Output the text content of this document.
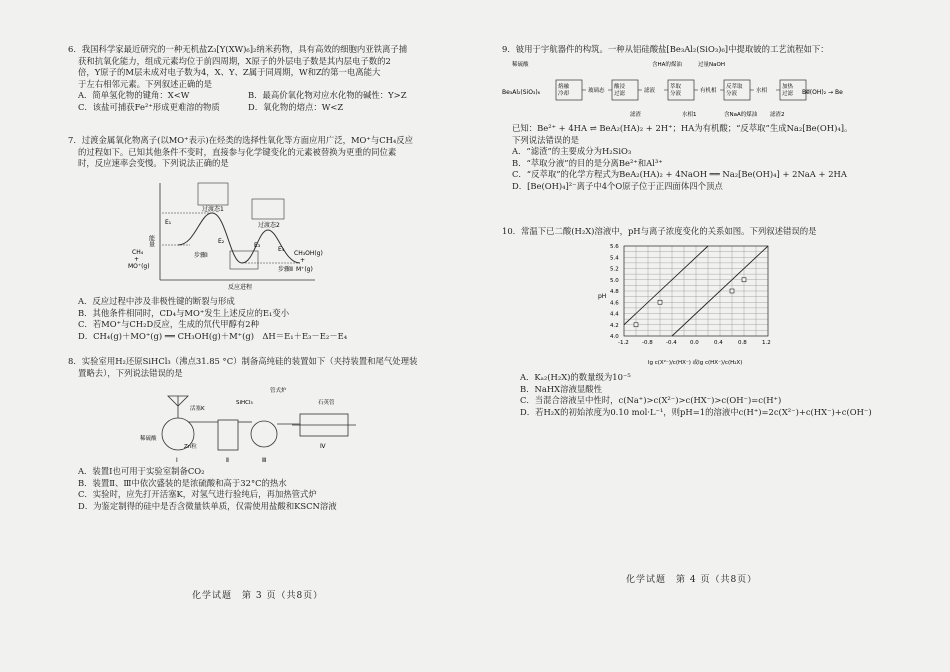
6．我国科学家最近研究的一种无机盐Z₃[Y(XW)₆]₂纳米药物，具有高效的细胞内亚铁离子捕

获和抗氧化能力，组成元素均位于前四周期，X原子的外层电子数是其内层电子数的2

倍，Y原子的M层未成对电子数为4，X、Y、Z属于同周期，W和Z的第一电离能大

于左右相邻元素。下列叙述正确的是

A．简单氢化物的键角：X<W	B．最高价氧化物对应水化物的碱性：Y>Z
C．该盐可捕获Fe²⁺形成更难溶的物质	D．氧化物的熔点：W<Z

7．过渡金属氧化物离子(以MO⁺表示)在烃类的选择性氧化等方面应用广泛，MO⁺与CH₄反应

的过程如下。已知其他条件不变时，直接参与化学键变化的元素被替换为更重的同位素

时，反应速率会变慢。下列说法正确的是

能量
反应进程
E₁
E₂
E₃
E₄
过渡态1
过渡态2
步骤Ⅰ
步骤Ⅱ
CH₄
+
MO⁺(g)
CH₃OH(g)
+
M⁺(g)

A．反应过程中涉及非极性键的断裂与形成

B．其他条件相同时，CD₄与MO⁺发生上述反应的E₁变小

C．若MO⁺与CH₂D反应，生成的氘代甲醇有2种

D．CH₄(g)＋MO⁺(g) ══ CH₃OH(g)＋M⁺(g)　ΔH＝E₁＋E₃－E₂－E₄

8．实验室用H₂还原SiHCl₃（沸点31.85 °C）制备高纯硅的装置如下（夹持装置和尾气处理装

置略去），下列说法错误的是

活塞K
SiHCl₃
管式炉
石英管
稀硫酸
Zn粒
Ⅰ	Ⅱ	Ⅲ
Ⅳ

A．装置Ⅰ也可用于实验室制备CO₂

B．装置Ⅱ、Ⅲ中依次盛装的是浓硫酸和高于32°C的热水

C．实验时，应先打开活塞K，对氢气进行验纯后，再加热管式炉

D．为鉴定制得的硅中是否含微量铁单质，仅需使用盐酸和KSCN溶液

化学试题　第 3 页（共8页）

9．铍用于宇航器件的构筑。一种从铝硅酸盐[Be₃Al₂(SiO₃)₆]中提取铍的工艺流程如下：

稀硫酸	含HA的煤油	过量NaOH
Be₃Al₂(SiO₃)₆
熔融
冷却	玻璃态
酸浸
过滤	滤液
萃取
分液	有机相
反萃取
分液	水相
加热
过滤 Be(OH)₂ → Be
滤渣	水相1	含NaA的煤油 滤渣2

已知：Be²⁺ + 4HA ⇌ BeA₂(HA)₂ + 2H⁺；HA为有机酸；“反萃取”生成Na₂[Be(OH)₄]。

下列说法错误的是

A．“滤渣”的主要成分为H₂SiO₃

B．“萃取分液”的目的是分离Be²⁺和Al³⁺

C．“反萃取”的化学方程式为BeA₂(HA)₂ + 4NaOH ══ Na₂[Be(OH)₄] + 2NaA + 2HA

D．[Be(OH)₄]²⁻离子中4个O原子位于正四面体四个顶点

10．常温下已二酸(H₂X)溶液中，pH与离子浓度变化的关系如图。下列叙述错误的是

-1.2 -0.8 -0.4 0.0	0.4	0.8	1.2
4.0
4.2
4.4
4.6
4.8
5.0
5.2
5.4
5.6
pH
lg c(X²⁻)/c(HX⁻) 或lg c(HX⁻)/c(H₂X)

A．Kₐ₂(H₂X)的数量级为10⁻⁵

B．NaHX溶液显酸性

C．当混合溶液呈中性时，c(Na⁺)>c(X²⁻)>c(HX⁻)>c(OH⁻)=c(H⁺)

D．若H₂X的初始浓度为0.10 mol·L⁻¹，则pH=1的溶液中c(H⁺)=2c(X²⁻)+c(HX⁻)+c(OH⁻)

化学试题　第 4 页（共8页）
